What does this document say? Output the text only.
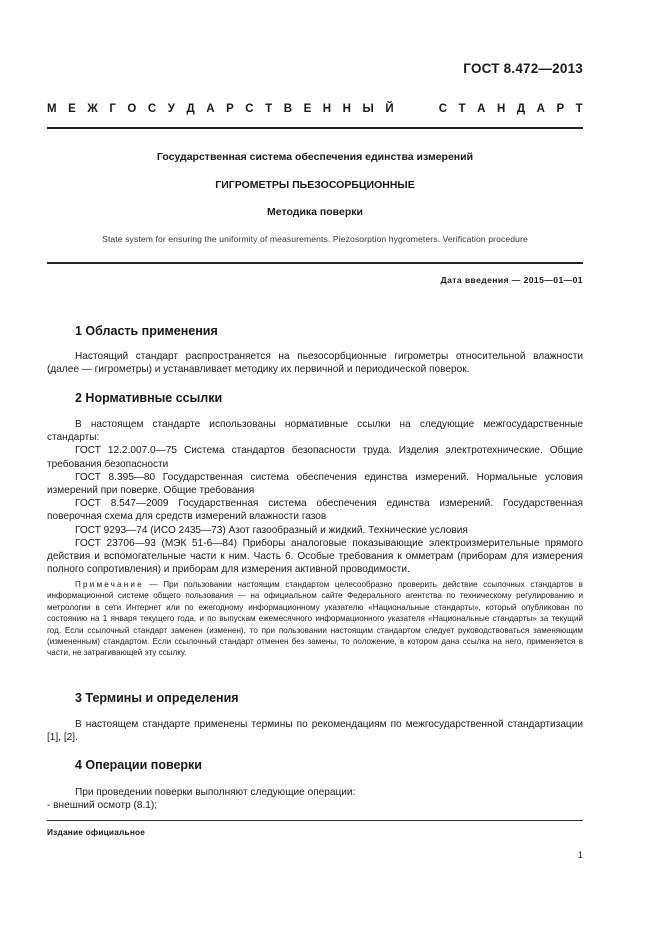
ГОСТ 8.472—2013
М Е Ж Г О С У Д А Р С Т В Е Н Н Ы Й	С Т А Н Д А Р Т
Государственная система обеспечения единства измерений
ГИГРОМЕТРЫ ПЬЕЗОСОРБЦИОННЫЕ
Методика поверки
State system for ensuring the uniformity of measurements. Piezosorption hygrometers. Verification procedure
Дата введения — 2015—01—01
1 Область применения

Настоящий стандарт распространяется на пьезосорбционные гигрометры относительной влажности (далее — гигрометры) и устанавливает методику их первичной и периодической поверок.

2 Нормативные ссылки

В настоящем стандарте использованы нормативные ссылки на следующие межгосударственные стандарты:

ГОСТ 12.2.007.0—75 Система стандартов безопасности труда. Изделия электротехнические. Общие требования безопасности

ГОСТ 8.395—80 Государственная система обеспечения единства измерений. Нормальные условия измерений при поверке. Общие требования

ГОСТ 8.547—2009 Государственная система обеспечения единства измерений. Государственная поверочная схема для средств измерений влажности газов

ГОСТ 9293—74 (ИСО 2435—73) Азот газообразный и жидкий. Технические условия

ГОСТ 23706—93 (МЭК 51-6—84) Приборы аналоговые показывающие электроизмерительные прямого действия и вспомогательные части к ним. Часть 6. Особые требования к омметрам (приборам для измерения полного сопротивления) и приборам для измерения активной проводимости.

Примечание — При пользовании настоящим стандартом целесообразно проверить действие ссылочных стандартов в информационной системе общего пользования — на официальном сайте Федерального агентства по техническому регулированию и метрологии в сети Интернет или по ежегодному информационному указателю «Национальные стандарты», который опубликован по состоянию на 1 января текущего года, и по выпускам ежемесячного информационного указателя «Национальные стандарты» за текущий год. Если ссылочный стандарт заменен (изменен), то при пользовании настоящим стандартом следует руководствоваться заменяющим (измененным) стандартом. Если ссылочный стандарт отменен без замены, то положение, в котором дана ссылка на него, применяется в части, не затрагивающей эту ссылку.

3 Термины и определения

В настоящем стандарте применены термины по рекомендациям по межгосударственной стандартизации [1], [2].

4 Операции поверки

При проведении поверки выполняют следующие операции:

- внешний осмотр (8.1);

Издание официальное
1
